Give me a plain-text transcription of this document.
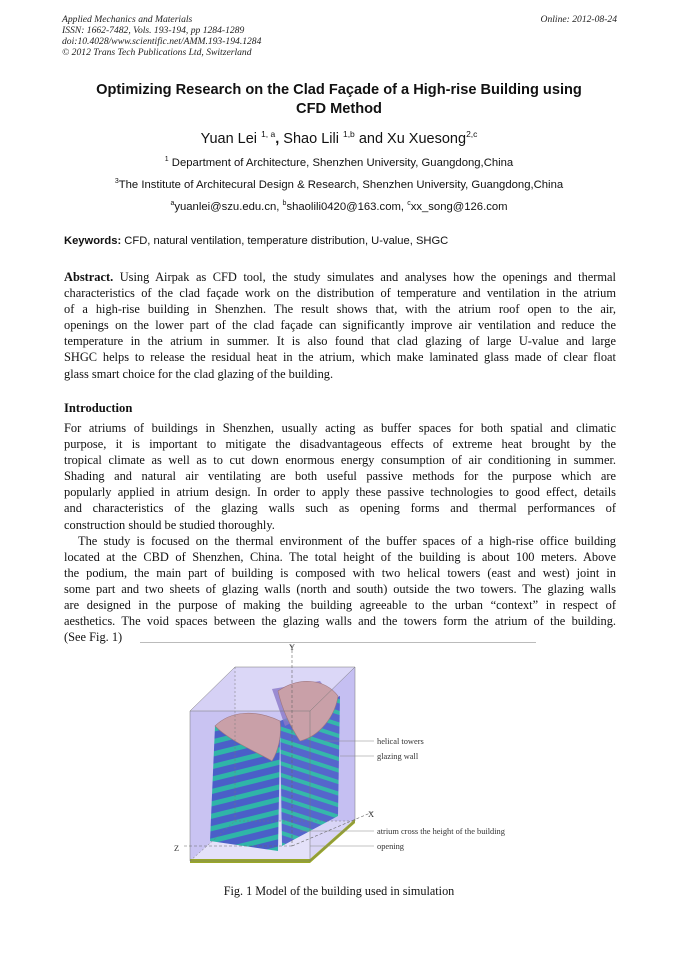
Applied Mechanics and Materials
ISSN: 1662-7482, Vols. 193-194, pp 1284-1289
doi:10.4028/www.scientific.net/AMM.193-194.1284
© 2012 Trans Tech Publications Ltd, Switzerland
Online: 2012-08-24
Optimizing Research on the Clad Façade of a High-rise Building using
CFD Method
Yuan Lei $^{1, a}$, Shao Lili $^{1,b}$ and Xu Xuesong$^{2,c}$
$^1$ Department of Architecture, Shenzhen University, Guangdong,China
$^3$The Institute of Architecural Design & Research, Shenzhen University, Guangdong,China
$^a$yuanlei@szu.edu.cn, $^b$shaolili0420@163.com, $^c$xx_song@126.com
Keywords: CFD, natural ventilation, temperature distribution, U-value, SHGC
Abstract. Using Airpak as CFD tool, the study simulates and analyses how the openings and thermal
characteristics of the clad façade work on the distribution of temperature and ventilation in the atrium
of a high-rise building in Shenzhen. The result shows that, with the atrium roof open to the air,
openings on the lower part of the clad façade can significantly improve air ventilation and reduce the
temperature in the atrium in summer. It is also found that clad glazing of large U-value and large
SHGC helps to release the residual heat in the atrium, which make laminated glass made of clear float
glass smart choice for the clad glazing of the building.
Introduction
For atriums of buildings in Shenzhen, usually acting as buffer spaces for both spatial and climatic
purpose, it is important to mitigate the disadvantageous effects of extreme heat brought by the
tropical climate as well as to cut down enormous energy consumption of air conditioning in summer.
Shading and natural air ventilating are both useful passive methods for the purpose which are
popularly applied in atrium design. In order to apply these passive technologies to good effect, details
and characteristics of the glazing walls such as opening forms and thermal performances of
construction should be studied thoroughly.
The study is focused on the thermal environment of the buffer spaces of a high-rise office building
located at the CBD of Shenzhen, China. The total height of the building is about 100 meters. Above
the podium, the main part of building is composed with two helical towers (east and west) joint in
some part and two sheets of glazing walls (north and south) outside the two towers. The glazing walls
are designed in the purpose of making the building agreeable to the urban “context” in respect of
aesthetics. The void spaces between the glazing walls and the towers form the atrium of the building.
(See Fig. 1)
Y
X
Z
helical towers
glazing wall
atrium cross the height of the building
opening
Fig. 1 Model of the building used in simulation
